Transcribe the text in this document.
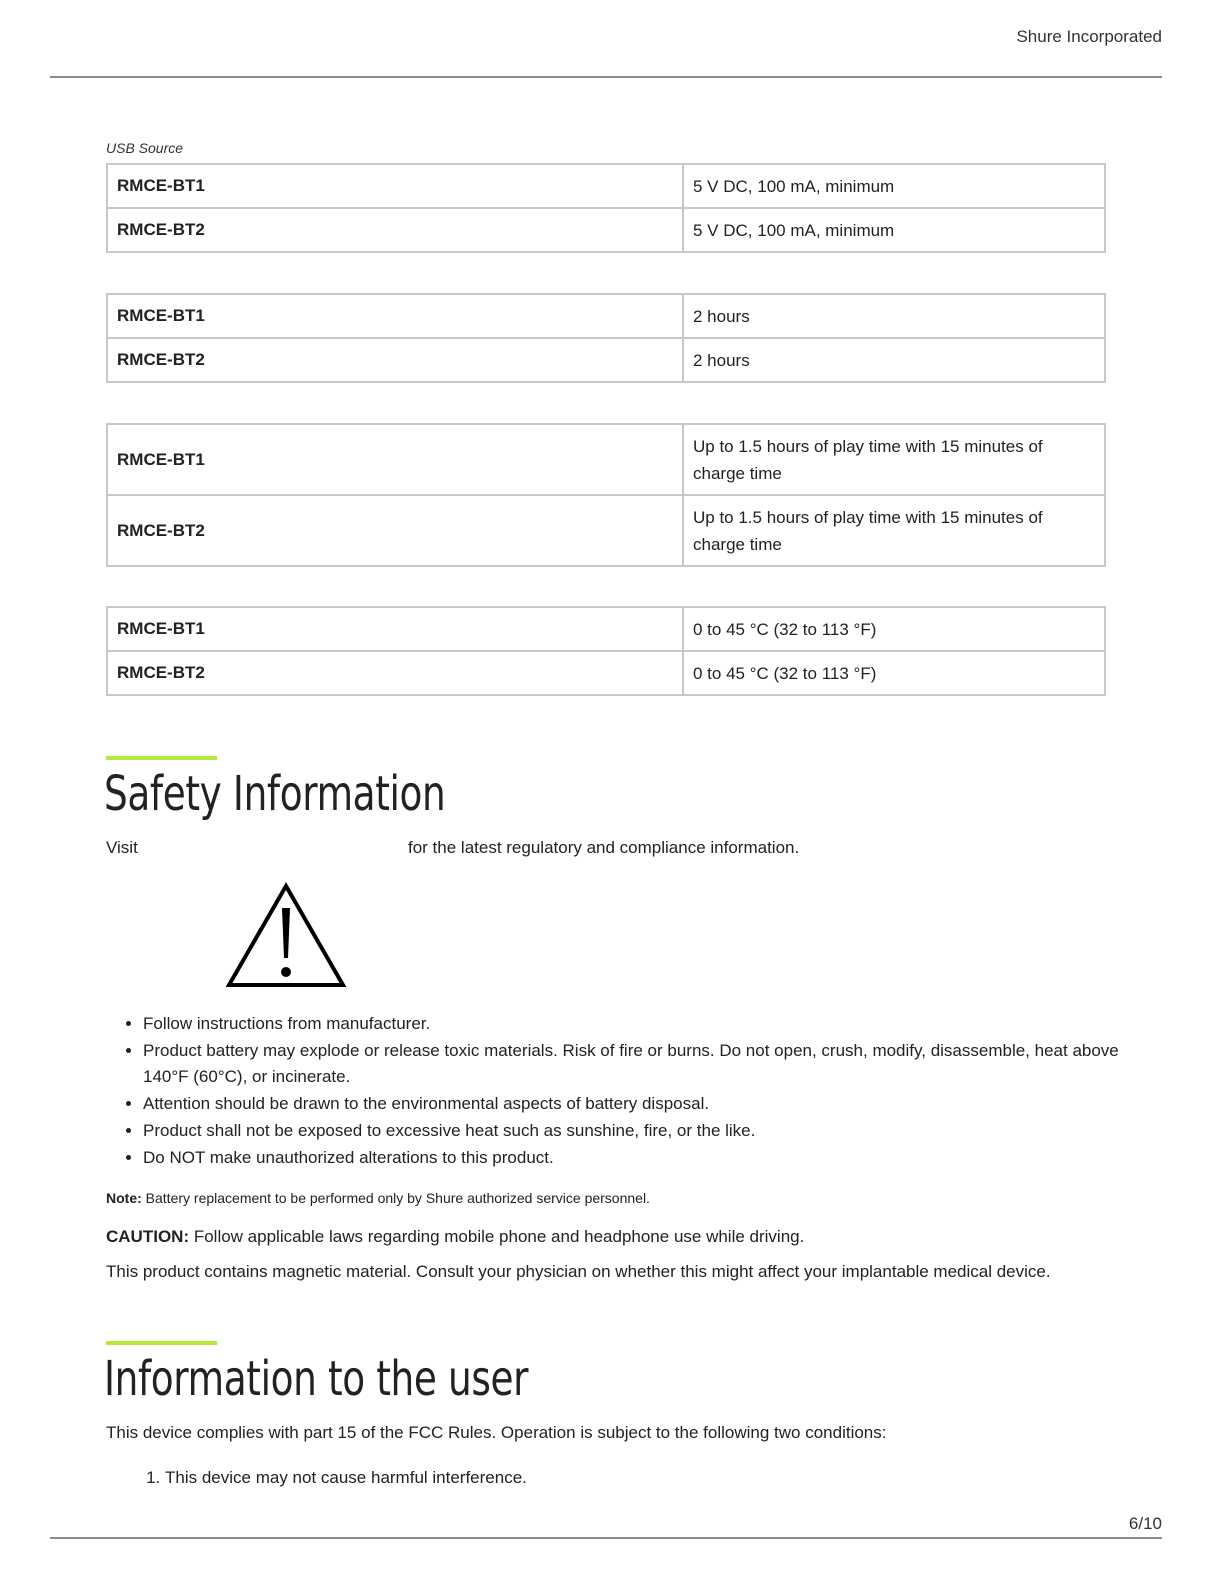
Shure Incorporated
USB Source
RMCE-BT1	5 V DC, 100 mA, minimum
RMCE-BT2	5 V DC, 100 mA, minimum
RMCE-BT1	2 hours
RMCE-BT2	2 hours
RMCE-BT1	Up to 1.5 hours of play time with 15 minutes of charge time
RMCE-BT2	Up to 1.5 hours of play time with 15 minutes of charge time
RMCE-BT1	0 to 45 °C (32 to 113 °F)
RMCE-BT2	0 to 45 °C (32 to 113 °F)
Safety Information
Visit	for the latest regulatory and compliance information.
• Follow instructions from manufacturer.
• Product battery may explode or release toxic materials. Risk of fire or burns. Do not open, crush, modify, disassemble, heat above 140°F (60°C), or incinerate.
• Attention should be drawn to the environmental aspects of battery disposal.
• Product shall not be exposed to excessive heat such as sunshine, fire, or the like.
• Do NOT make unauthorized alterations to this product.
Note: Battery replacement to be performed only by Shure authorized service personnel.
CAUTION: Follow applicable laws regarding mobile phone and headphone use while driving.
This product contains magnetic material. Consult your physician on whether this might affect your implantable medical device.
Information to the user
This device complies with part 15 of the FCC Rules. Operation is subject to the following two conditions:
1. This device may not cause harmful interference.
6/10
